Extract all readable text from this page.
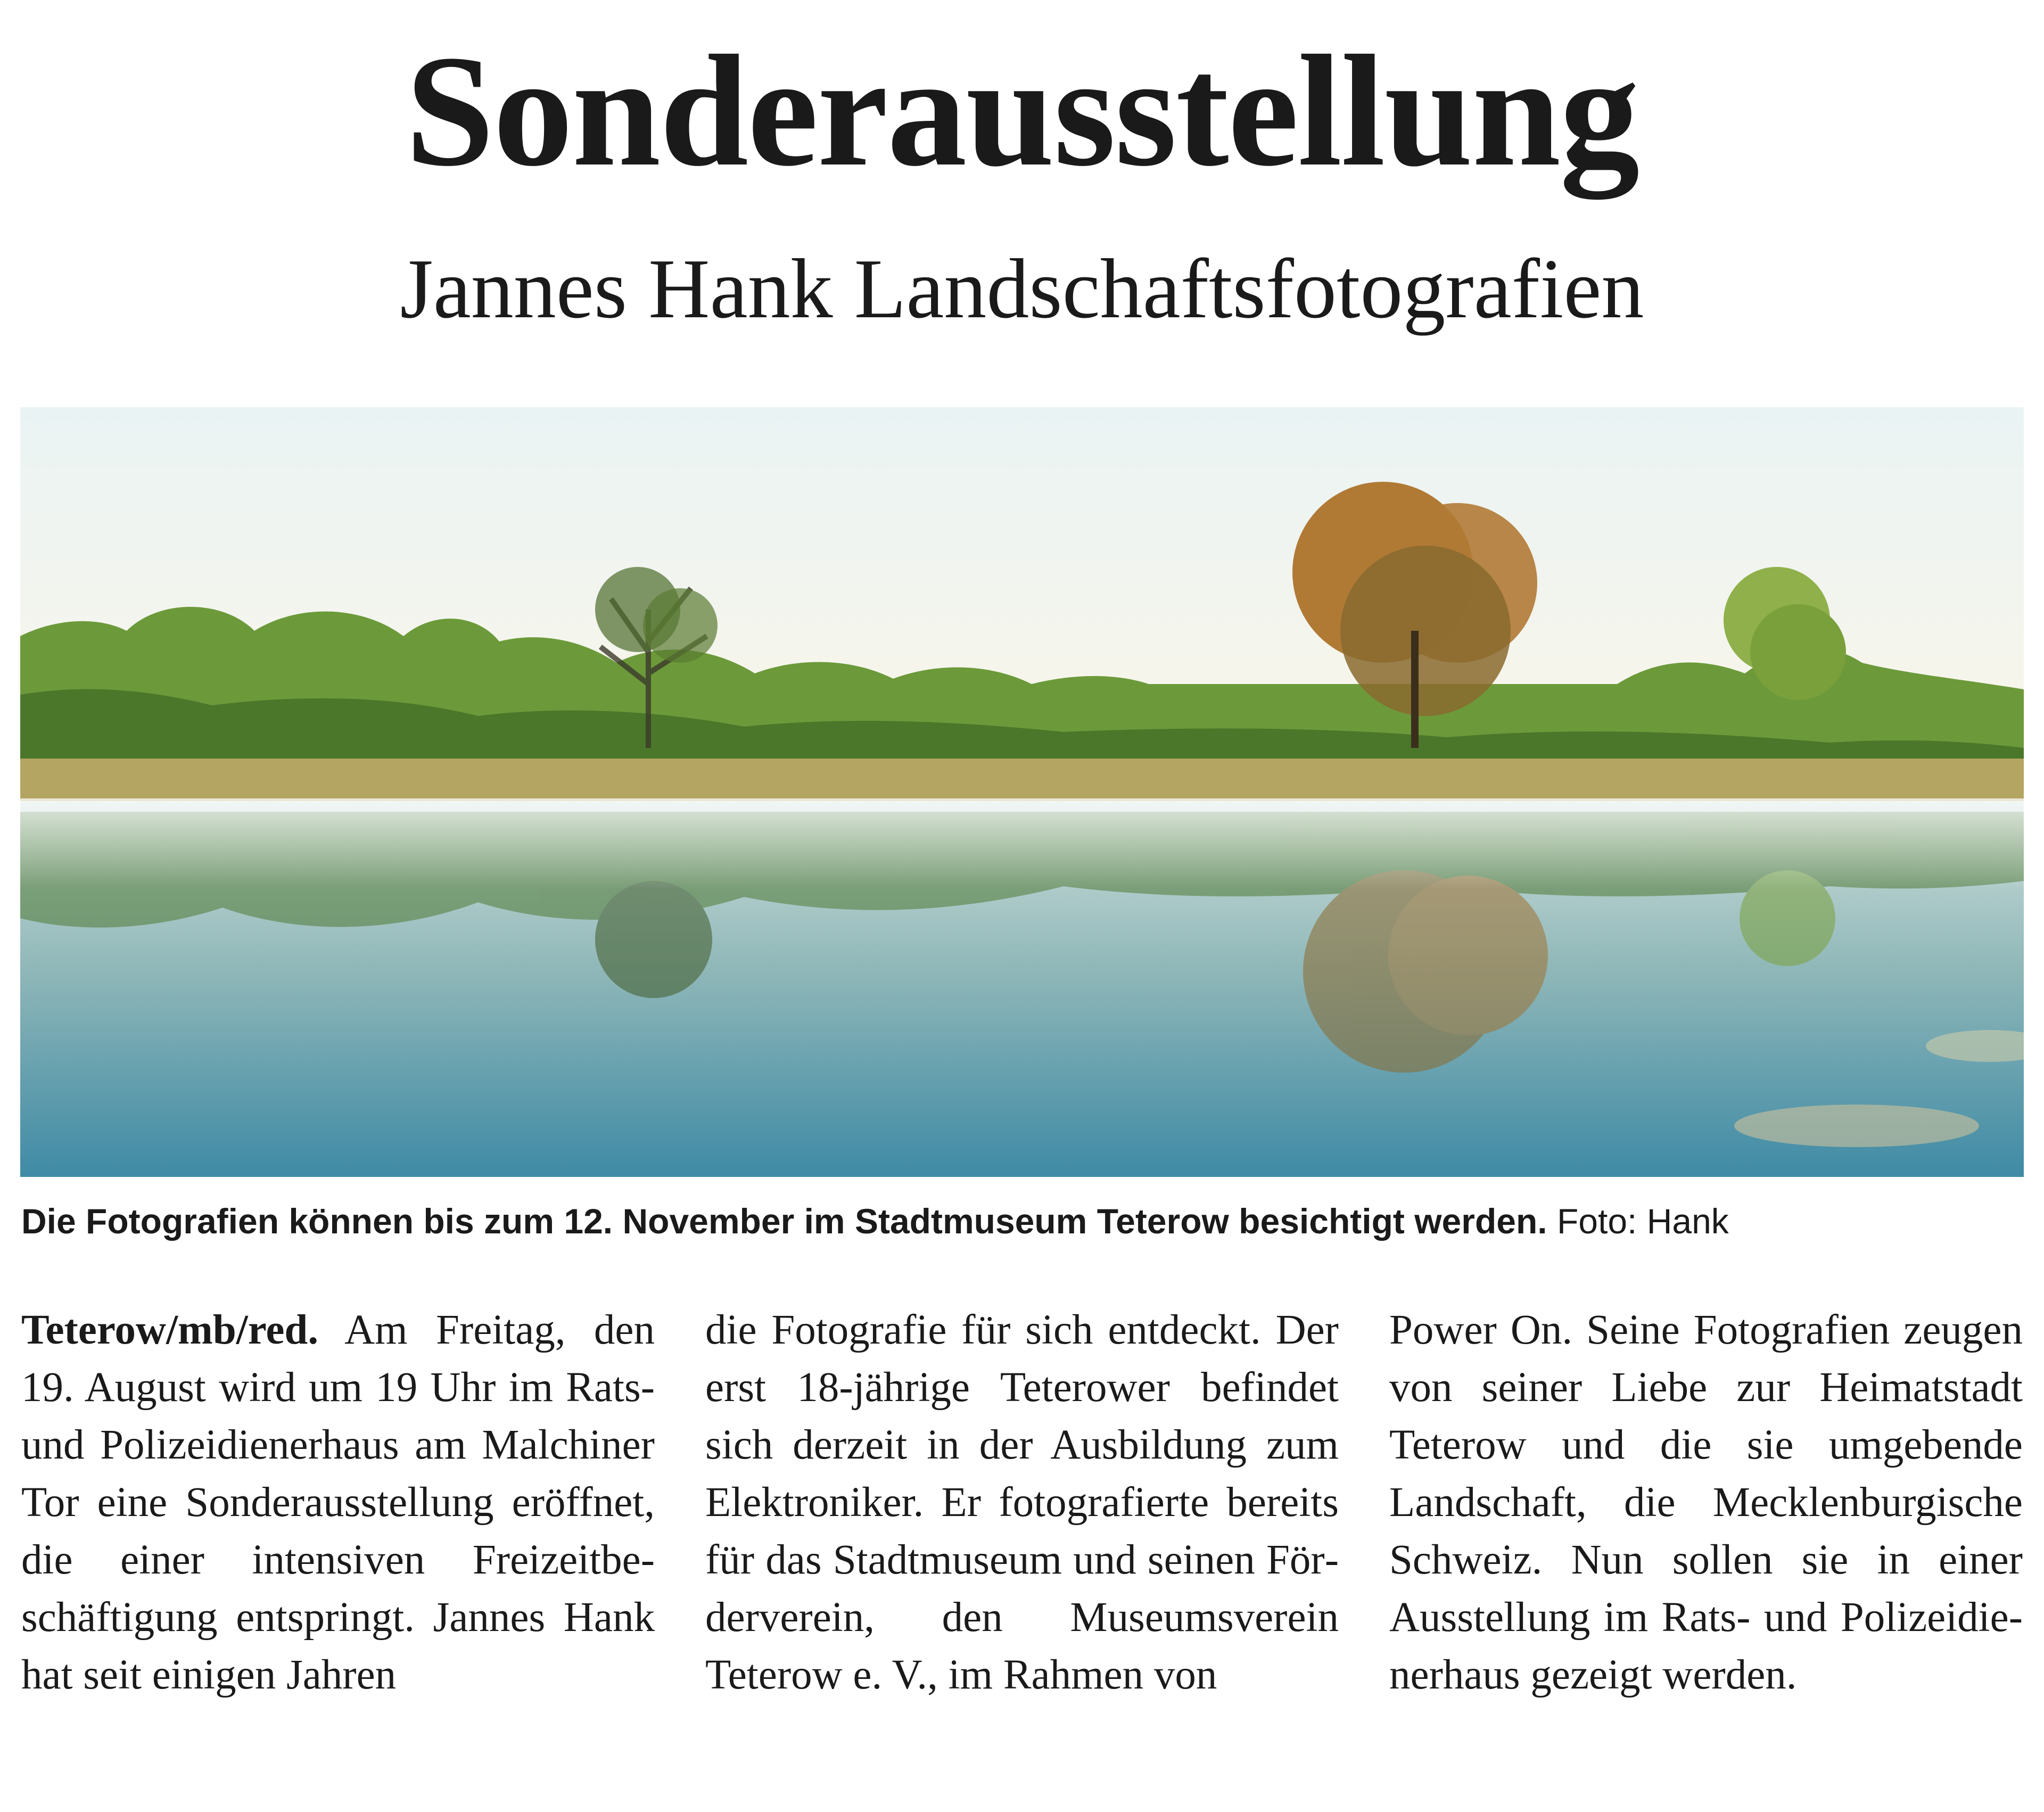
Sonderausstellung
Jannes Hank Landschaftsfotografien
Die Fotografien können bis zum 12. November im Stadtmuseum Teterow besichtigt werden. Foto: Hank

Teterow/mb/red. Am Freitag, den 19. August wird um 19 Uhr im Rats- und Polizeidienerhaus am Malchiner Tor eine Sonderausstellung eröffnet, die einer intensiven Freizeitbeschäftigung entspringt. Jannes Hank hat seit einigen Jahren

die Fotografie für sich entdeckt. Der erst 18-jährige Teterower befindet sich derzeit in der Ausbildung zum Elektroniker. Er fotografierte bereits für das Stadtmuseum und seinen Förderverein, den Museumsverein Teterow e. V., im Rahmen von

Power On. Seine Fotografien zeugen von seiner Liebe zur Heimatstadt Teterow und die sie umgebende Landschaft, die Mecklenburgische Schweiz. Nun sollen sie in einer Ausstellung im Rats- und Polizeidienerhaus gezeigt werden.
